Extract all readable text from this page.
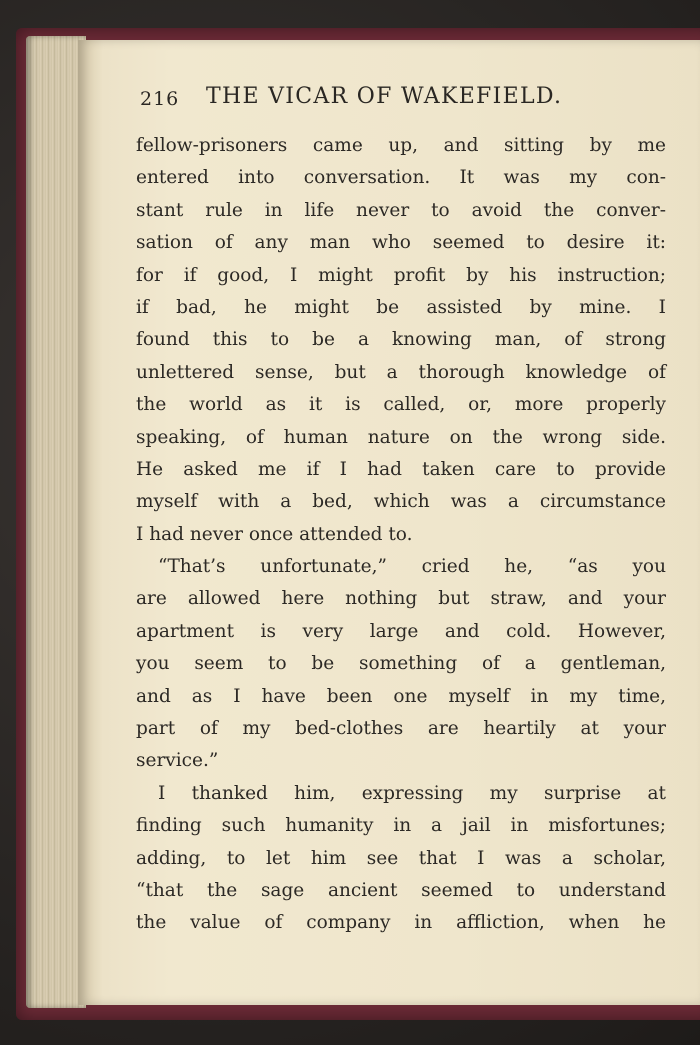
216 THE VICAR OF WAKEFIELD.
fellow-prisoners came up, and sitting by me
entered into conversation. It was my con-
stant rule in life never to avoid the conver-
sation of any man who seemed to desire it:
for if good, I might profit by his instruction;
if bad, he might be assisted by mine. I
found this to be a knowing man, of strong
unlettered sense, but a thorough knowledge of
the world as it is called, or, more properly
speaking, of human nature on the wrong side.
He asked me if I had taken care to provide
myself with a bed, which was a circumstance
I had never once attended to.
“That’s unfortunate,” cried he, “as you
are allowed here nothing but straw, and your
apartment is very large and cold. However,
you seem to be something of a gentleman,
and as I have been one myself in my time,
part of my bed-clothes are heartily at your
service.”
I thanked him, expressing my surprise at
finding such humanity in a jail in misfortunes;
adding, to let him see that I was a scholar,
“that the sage ancient seemed to understand
the value of company in affliction, when he
